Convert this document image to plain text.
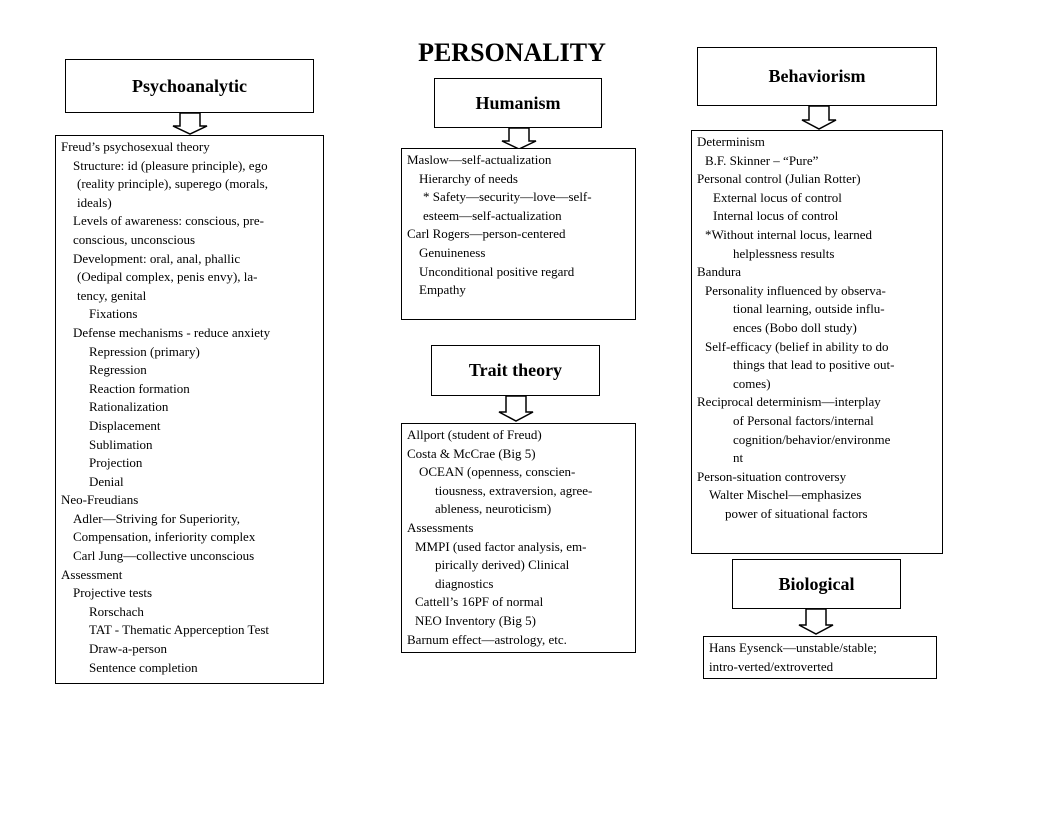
PERSONALITY
Psychoanalytic
Freud’s psychosexual theory
Structure: id (pleasure principle), ego
(reality principle), superego (morals,
ideals)
Levels of awareness: conscious, pre-
conscious, unconscious
Development: oral, anal, phallic
(Oedipal complex, penis envy), la-
tency, genital
Fixations
Defense mechanisms - reduce anxiety
Repression (primary)
Regression
Reaction formation
Rationalization
Displacement
Sublimation
Projection
Denial
Neo-Freudians
Adler—Striving for Superiority,
Compensation, inferiority complex
Carl Jung—collective unconscious
Assessment
Projective tests
Rorschach
TAT - Thematic Apperception Test
Draw-a-person
Sentence completion
Humanism
Maslow—self-actualization
Hierarchy of needs
* Safety—security—love—self-
esteem—self-actualization
Carl Rogers—person-centered
Genuineness
Unconditional positive regard
Empathy
Trait theory
Allport (student of Freud)
Costa & McCrae (Big 5)
OCEAN (openness, conscien-
tiousness, extraversion, agree-
ableness, neuroticism)
Assessments
MMPI (used factor analysis, em-
pirically derived) Clinical
diagnostics
Cattell’s 16PF of normal
NEO Inventory (Big 5)
Barnum effect—astrology, etc.
Behaviorism
Determinism
B.F. Skinner – “Pure”
Personal control (Julian Rotter)
External locus of control
Internal locus of control
*Without internal locus, learned
helplessness results
Bandura
Personality influenced by observa-
tional learning, outside influ-
ences (Bobo doll study)
Self-efficacy (belief in ability to do
things that lead to positive out-
comes)
Reciprocal determinism—interplay
of Personal factors/internal
cognition/behavior/environme
nt
Person-situation controversy
Walter Mischel—emphasizes
power of situational factors
Biological
Hans Eysenck—unstable/stable;
intro-verted/extroverted
